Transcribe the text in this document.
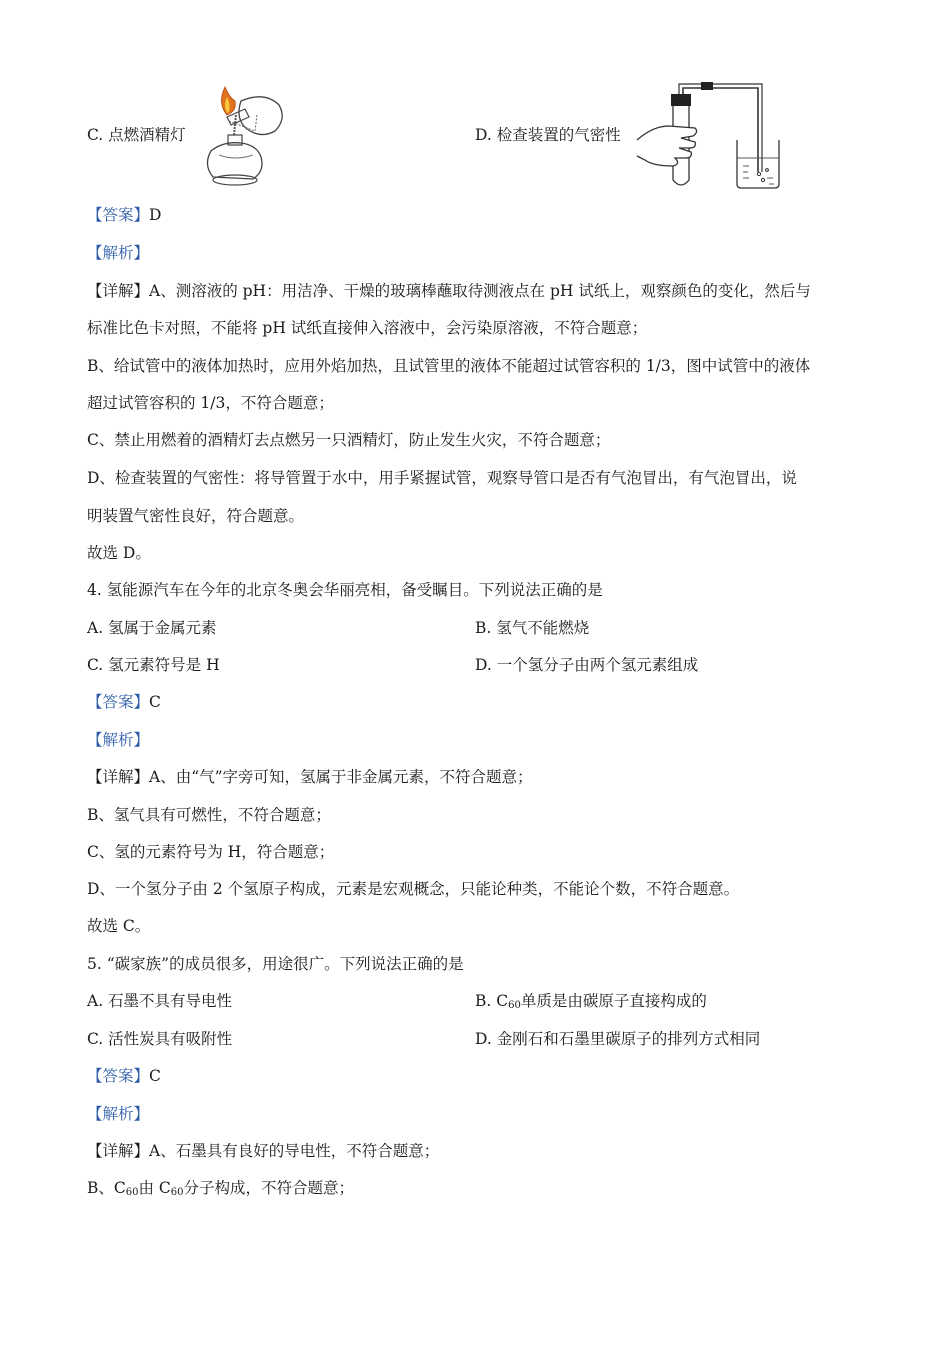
C. 点燃酒精灯	D. 检查装置的气密性
【答案】D
【解析】
【详解】A、测溶液的 pH：用洁净、干燥的玻璃棒蘸取待测液点在 pH 试纸上，观察颜色的变化，然后与
标准比色卡对照，不能将 pH 试纸直接伸入溶液中，会污染原溶液，不符合题意；
B、给试管中的液体加热时，应用外焰加热，且试管里的液体不能超过试管容积的 1/3，图中试管中的液体
超过试管容积的 1/3，不符合题意；
C、禁止用燃着的酒精灯去点燃另一只酒精灯，防止发生火灾，不符合题意；
D、检查装置的气密性：将导管置于水中，用手紧握试管，观察导管口是否有气泡冒出，有气泡冒出，说
明装置气密性良好，符合题意。
故选 D。
4. 氢能源汽车在今年的北京冬奥会华丽亮相，备受瞩目。下列说法正确的是
A. 氢属于金属元素	B. 氢气不能燃烧
C. 氢元素符号是 H	D. 一个氢分子由两个氢元素组成
【答案】C
【解析】
【详解】A、由“气”字旁可知，氢属于非金属元素，不符合题意；
B、氢气具有可燃性，不符合题意；
C、氢的元素符号为 H，符合题意；
D、一个氢分子由 2 个氢原子构成，元素是宏观概念，只能论种类，不能论个数，不符合题意。
故选 C。
5. “碳家族”的成员很多，用途很广。下列说法正确的是
A. 石墨不具有导电性	B. $C_{60}$单质是由碳原子直接构成的
C. 活性炭具有吸附性	D. 金刚石和石墨里碳原子的排列方式相同
【答案】C
【解析】
【详解】A、石墨具有良好的导电性，不符合题意；
B、$C_{60}$由 $C_{60}$分子构成，不符合题意；
